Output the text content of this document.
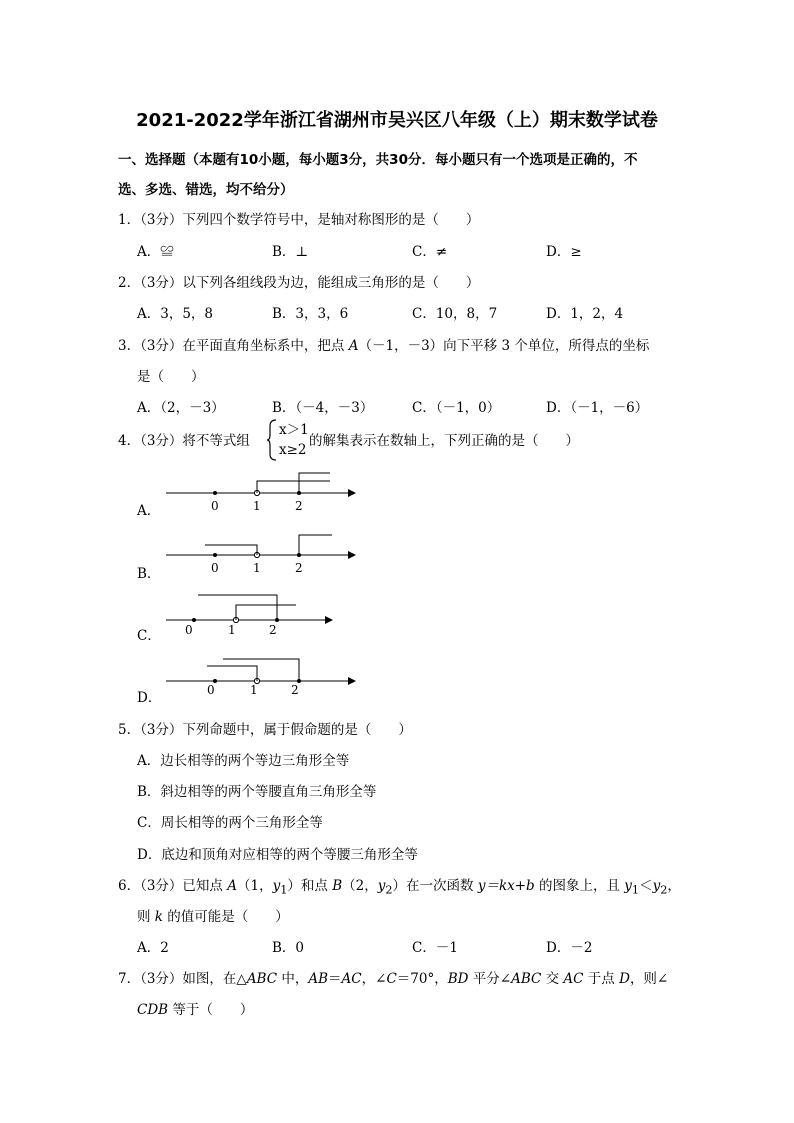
2021-2022学年浙江省湖州市吴兴区八年级（上）期末数学试卷
一、选择题（本题有10小题，每小题3分，共30分．每小题只有一个选项是正确的，不
选、多选、错选，均不给分）
1．（3分）下列四个数学符号中，是轴对称图形的是（　　）
A．≌	B．⊥	C．≠	D．≥
2．（3分）以下列各组线段为边，能组成三角形的是（　　）
A．3，5，8	B．3，3，6	C．10，8，7	D．1，2，4
3．（3分）在平面直角坐标系中，把点 A（－1，－3）向下平移 3 个单位，所得点的坐标
是（　　）
A．（2，－3）	B．（－4，－3）	C．（－1，0）	D．（－1，－6）
4．（3分）将不等式组
x＞1
x≥2
的解集表示在数轴上，下列正确的是（　　）
A．	0	1	2
B．	0	1	2
C． 0	1	2
D．	0	1	2
5．（3分）下列命题中，属于假命题的是（　　）
A．边长相等的两个等边三角形全等
B．斜边相等的两个等腰直角三角形全等
C．周长相等的两个三角形全等
D．底边和顶角对应相等的两个等腰三角形全等
6．（3分）已知点 A（1，$y_1$）和点 B（2，$y_2$）在一次函数 y＝kx+b 的图象上，且 $y_1<y_2$，
则 k 的值可能是（　　）
A．2	B．0	C．－1	D．－2
7．（3分）如图，在△ABC 中，AB＝AC，∠C＝70°，BD 平分∠ABC 交 AC 于点 D，则∠
CDB 等于（　　）
